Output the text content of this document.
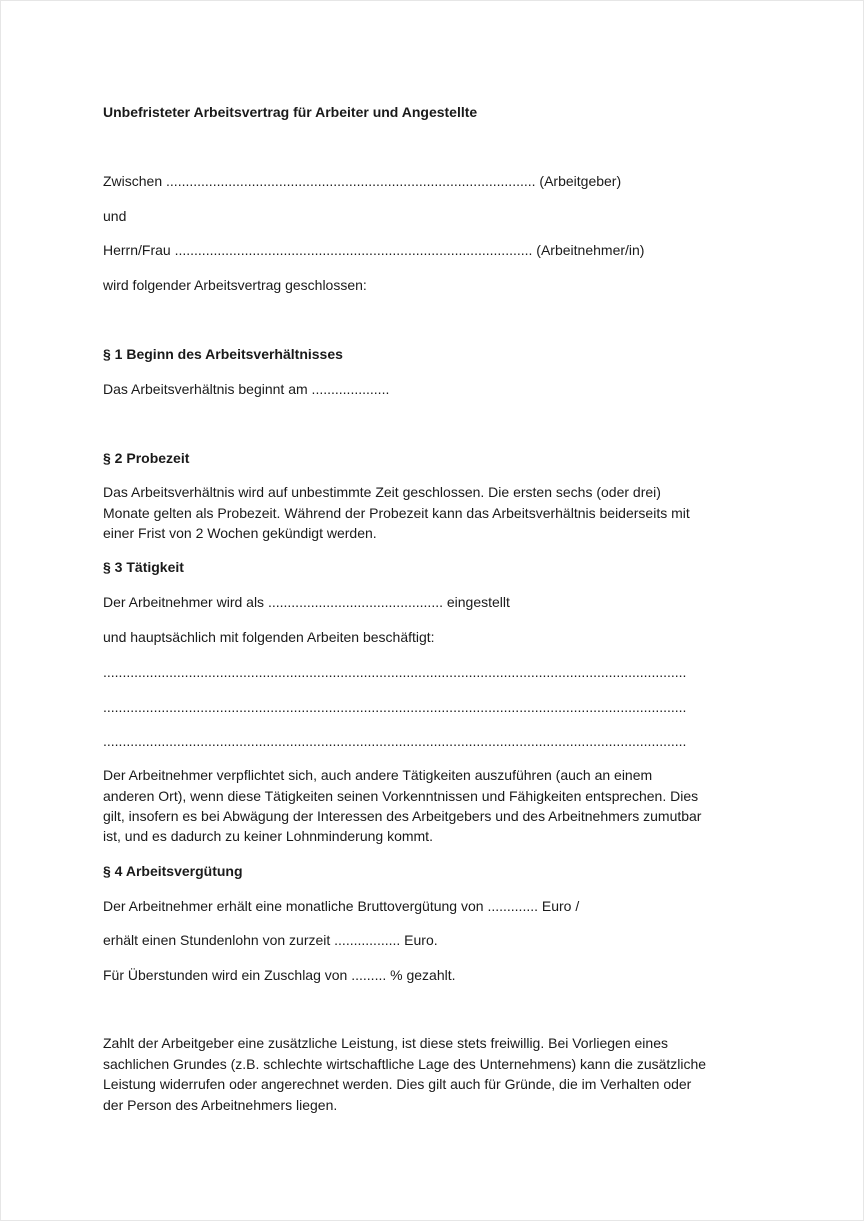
Unbefristeter Arbeitsvertrag für Arbeiter und Angestellte
Zwischen ............................................................................................... (Arbeitgeber)
und
Herrn/Frau ............................................................................................ (Arbeitnehmer/in)
wird folgender Arbeitsvertrag geschlossen:
§ 1 Beginn des Arbeitsverhältnisses
Das Arbeitsverhältnis beginnt am ....................
§ 2 Probezeit
Das Arbeitsverhältnis wird auf unbestimmte Zeit geschlossen. Die ersten sechs (oder drei)
Monate gelten als Probezeit. Während der Probezeit kann das Arbeitsverhältnis beiderseits mit
einer Frist von 2 Wochen gekündigt werden.
§ 3 Tätigkeit
Der Arbeitnehmer wird als ............................................. eingestellt
und hauptsächlich mit folgenden Arbeiten beschäftigt:
......................................................................................................................................................
......................................................................................................................................................
......................................................................................................................................................
Der Arbeitnehmer verpflichtet sich, auch andere Tätigkeiten auszuführen (auch an einem
anderen Ort), wenn diese Tätigkeiten seinen Vorkenntnissen und Fähigkeiten entsprechen. Dies
gilt, insofern es bei Abwägung der Interessen des Arbeitgebers und des Arbeitnehmers zumutbar
ist, und es dadurch zu keiner Lohnminderung kommt.
§ 4 Arbeitsvergütung
Der Arbeitnehmer erhält eine monatliche Bruttovergütung von ............. Euro /
erhält einen Stundenlohn von zurzeit ................. Euro.
Für Überstunden wird ein Zuschlag von ......... % gezahlt.
Zahlt der Arbeitgeber eine zusätzliche Leistung, ist diese stets freiwillig. Bei Vorliegen eines
sachlichen Grundes (z.B. schlechte wirtschaftliche Lage des Unternehmens) kann die zusätzliche
Leistung widerrufen oder angerechnet werden. Dies gilt auch für Gründe, die im Verhalten oder
der Person des Arbeitnehmers liegen.
